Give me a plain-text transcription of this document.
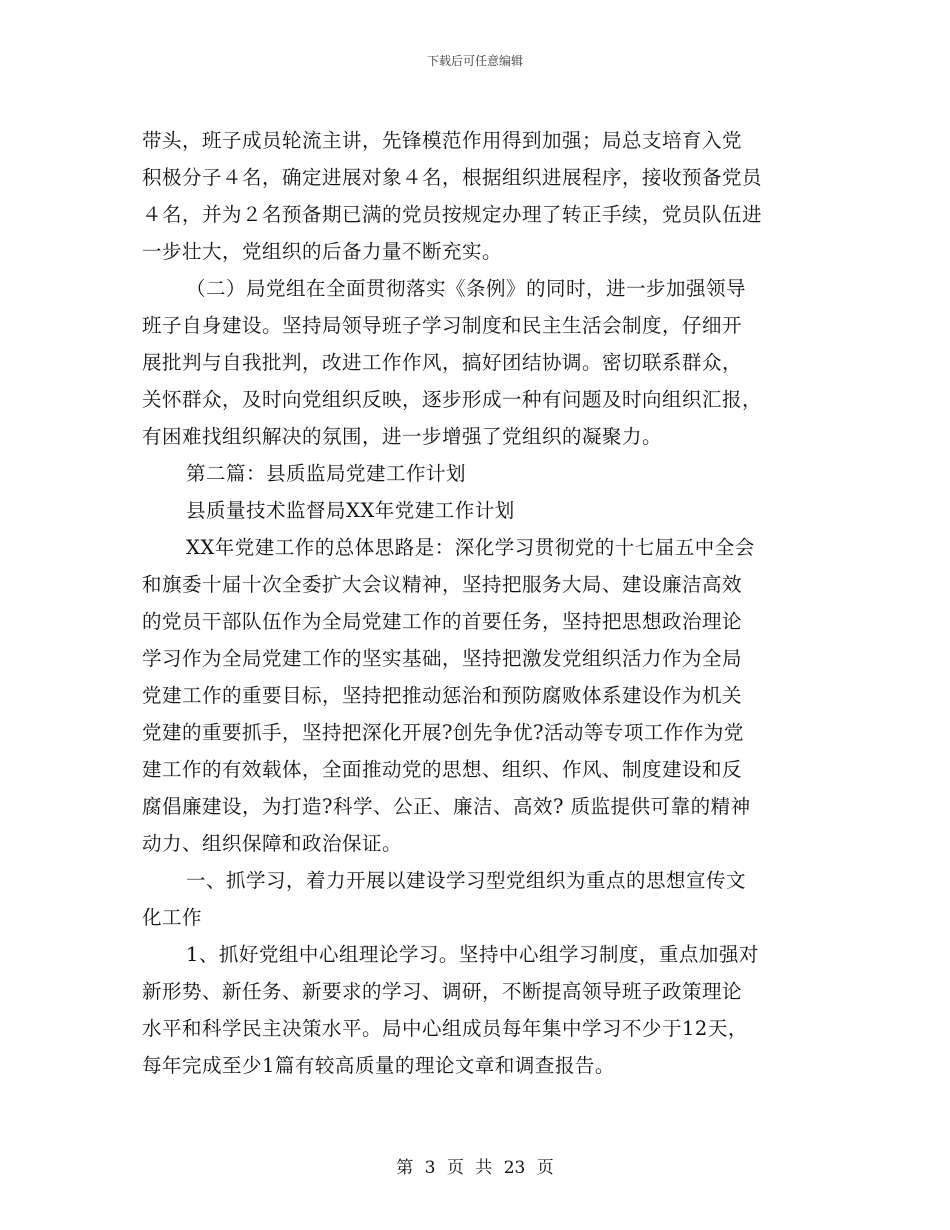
下载后可任意编辑
带头，班子成员轮流主讲，先锋模范作用得到加强；局总支培育入党
积极分子４名，确定进展对象４名，根据组织进展程序，接收预备党员
４名，并为２名预备期已满的党员按规定办理了转正手续，党员队伍进
一步壮大，党组织的后备力量不断充实。
（二）局党组在全面贯彻落实《条例》的同时，进一步加强领导
班子自身建设。坚持局领导班子学习制度和民主生活会制度，仔细开
展批判与自我批判，改进工作作风，搞好团结协调。密切联系群众，
关怀群众，及时向党组织反映，逐步形成一种有问题及时向组织汇报，
有困难找组织解决的氛围，进一步增强了党组织的凝聚力。
第二篇：县质监局党建工作计划
县质量技术监督局XX年党建工作计划
XX年党建工作的总体思路是：深化学习贯彻党的十七届五中全会
和旗委十届十次全委扩大会议精神，坚持把服务大局、建设廉洁高效
的党员干部队伍作为全局党建工作的首要任务，坚持把思想政治理论
学习作为全局党建工作的坚实基础，坚持把激发党组织活力作为全局
党建工作的重要目标，坚持把推动惩治和预防腐败体系建设作为机关
党建的重要抓手，坚持把深化开展?创先争优?活动等专项工作作为党
建工作的有效载体，全面推动党的思想、组织、作风、制度建设和反
腐倡廉建设，为打造?科学、公正、廉洁、高效? 质监提供可靠的精神
动力、组织保障和政治保证。
一、抓学习，着力开展以建设学习型党组织为重点的思想宣传文
化工作
1、抓好党组中心组理论学习。坚持中心组学习制度，重点加强对
新形势、新任务、新要求的学习、调研，不断提高领导班子政策理论
水平和科学民主决策水平。局中心组成员每年集中学习不少于12天，
每年完成至少1篇有较高质量的理论文章和调查报告。
第 3 页 共 23 页
